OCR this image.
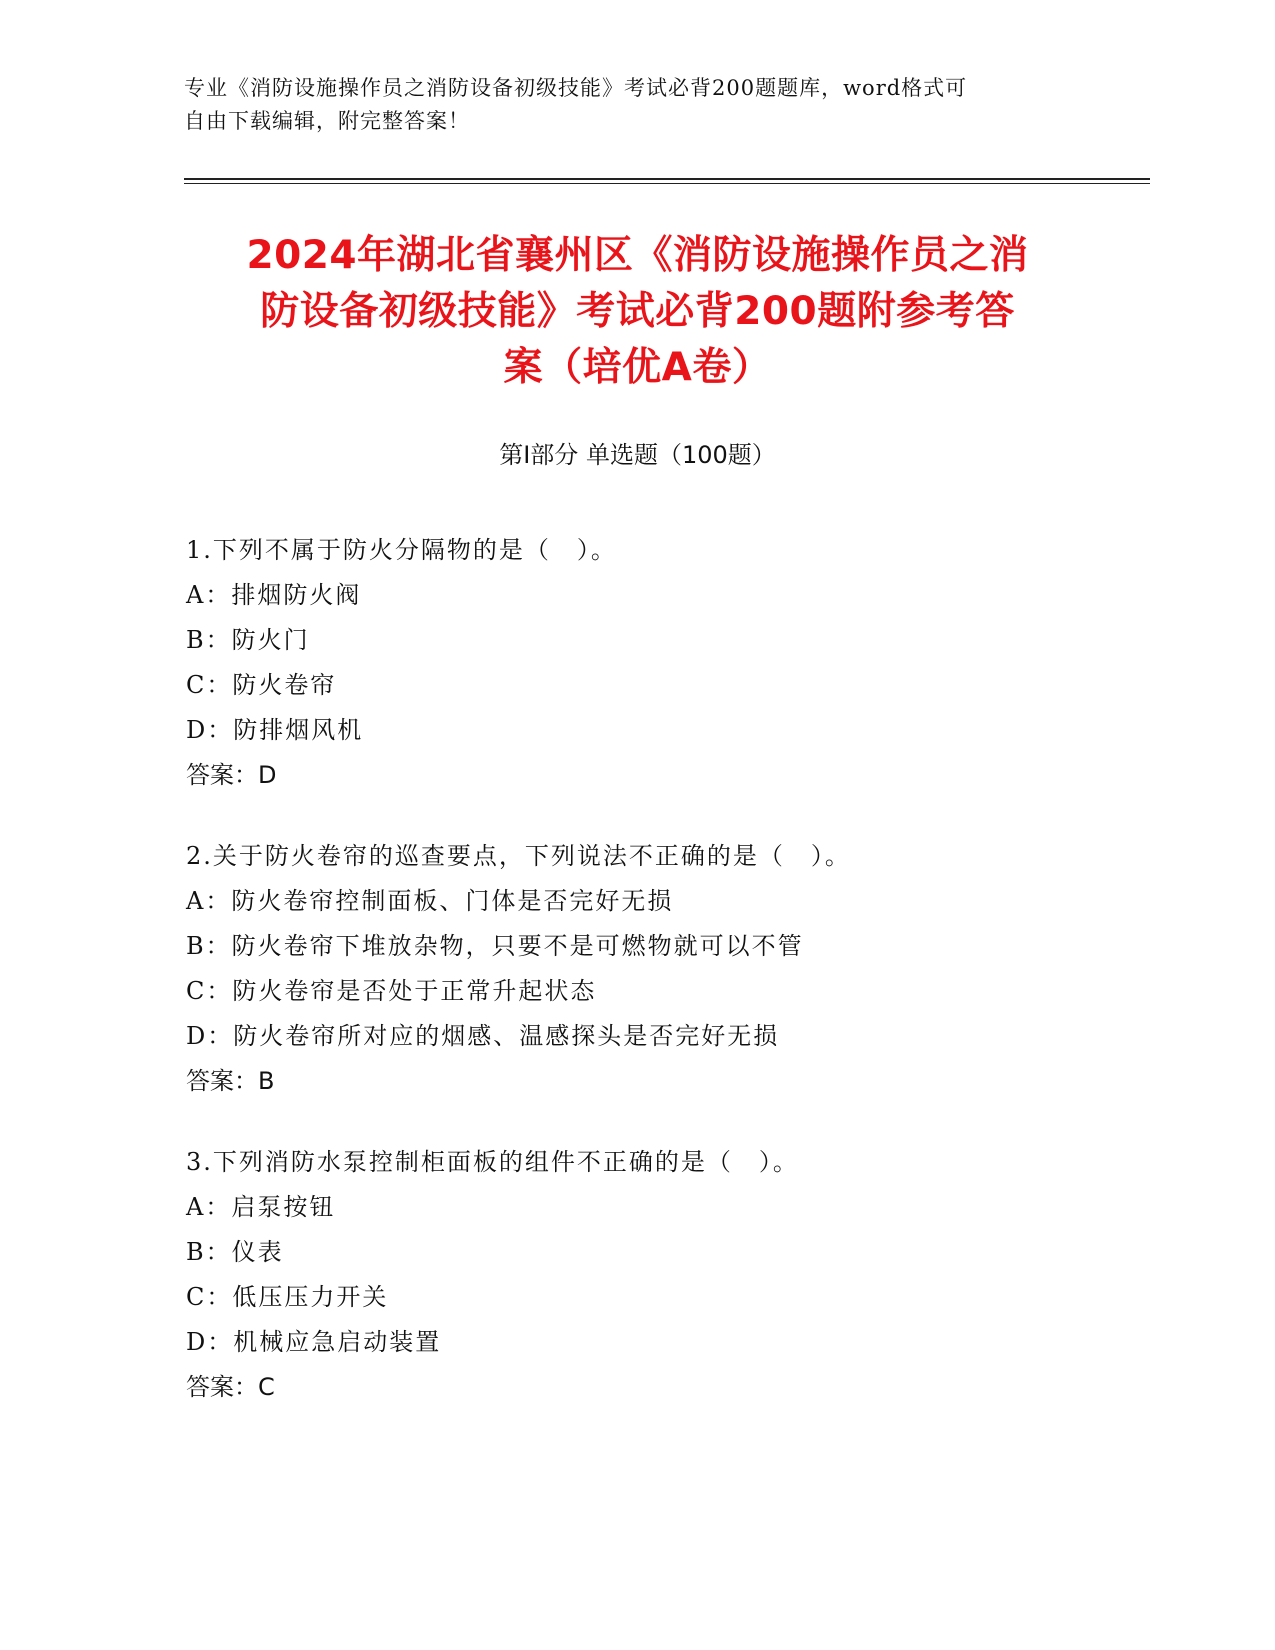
专业《消防设施操作员之消防设备初级技能》考试必背200题题库，word格式可
自由下载编辑，附完整答案！
2024年湖北省襄州区《消防设施操作员之消
防设备初级技能》考试必背200题附参考答
案（培优A卷）
第I部分 单选题（100题）
1.下列不属于防火分隔物的是（　）。
A：排烟防火阀
B：防火门
C：防火卷帘
D：防排烟风机
答案：D
2.关于防火卷帘的巡查要点，下列说法不正确的是（　）。
A：防火卷帘控制面板、门体是否完好无损
B：防火卷帘下堆放杂物，只要不是可燃物就可以不管
C：防火卷帘是否处于正常升起状态
D：防火卷帘所对应的烟感、温感探头是否完好无损
答案：B
3.下列消防水泵控制柜面板的组件不正确的是（　）。
A：启泵按钮
B：仪表
C：低压压力开关
D：机械应急启动装置
答案：C
